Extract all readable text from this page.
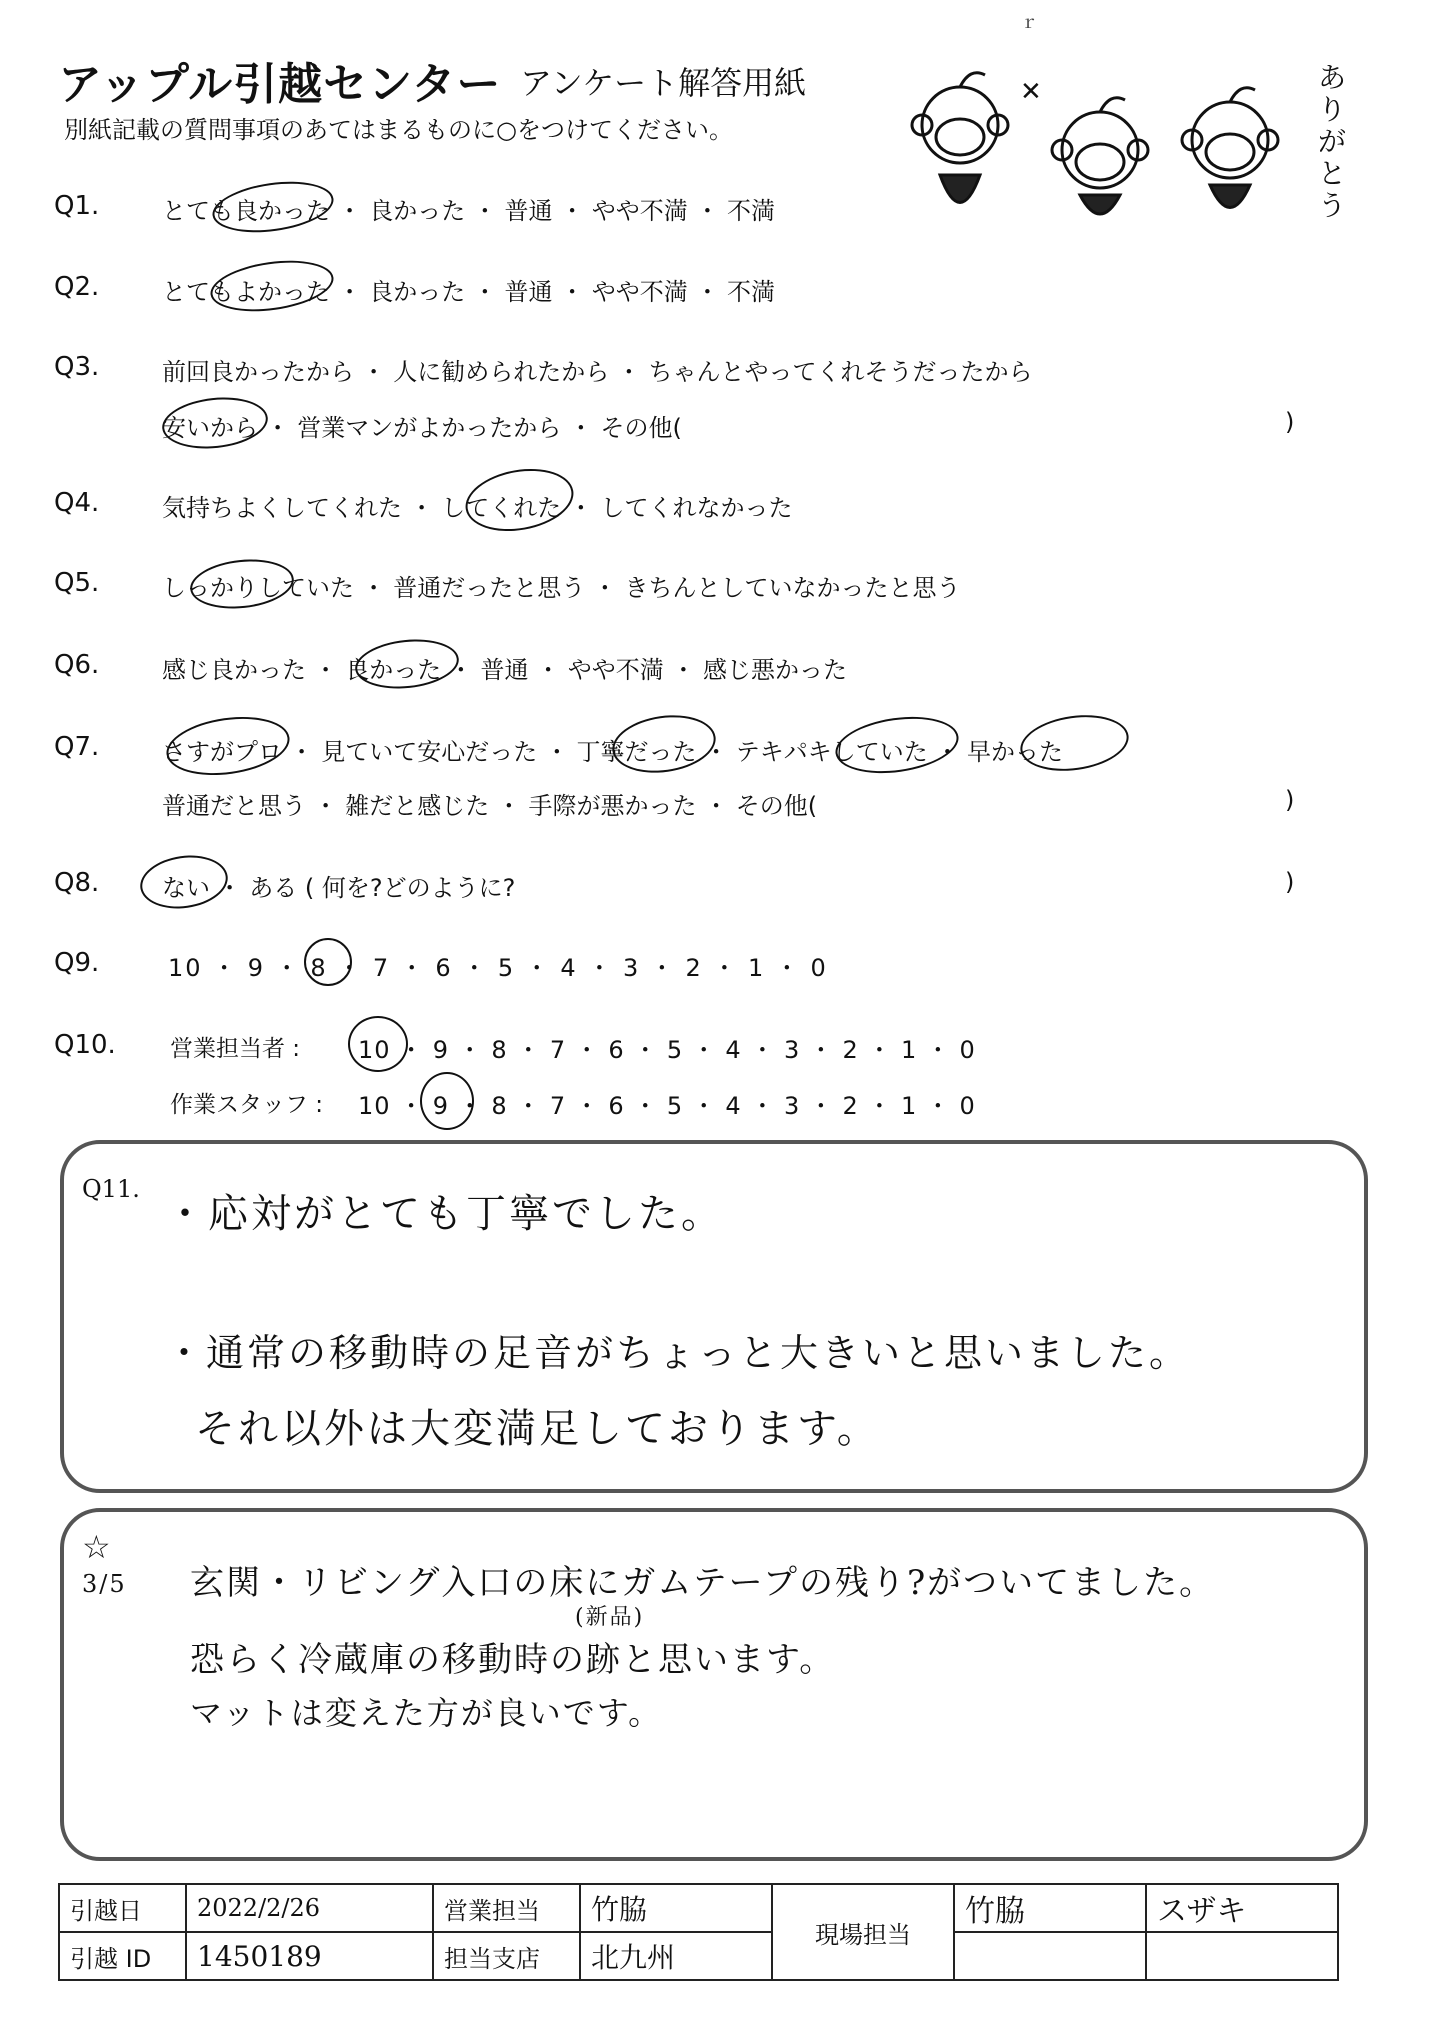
ｒ
アップル引越センター アンケート解答用紙
別紙記載の質問事項のあてはまるものに○をつけてください。
✕	ありがとう
Q1.	とても良かった ・ 良かった ・ 普通 ・ やや不満 ・ 不満
Q2.	とてもよかった ・ 良かった ・ 普通 ・ やや不満 ・ 不満
Q3.	前回良かったから ・ 人に勧められたから ・ ちゃんとやってくれそうだったから
安いから ・ 営業マンがよかったから ・ その他(	)
Q4.	気持ちよくしてくれた ・ してくれた ・ してくれなかった
Q5.	しっかりしていた ・ 普通だったと思う ・ きちんとしていなかったと思う
Q6.	感じ良かった ・ 良かった ・ 普通 ・ やや不満 ・ 感じ悪かった
Q7.	さすがプロ ・ 見ていて安心だった ・ 丁寧だった ・ テキパキしていた ・ 早かった
普通だと思う ・ 雑だと感じた ・ 手際が悪かった ・ その他(	)
Q8.	ない ・ ある ( 何を?どのように?	)
Q9.	10 ・ 9 ・ 8 ・ 7 ・ 6 ・ 5 ・ 4 ・ 3 ・ 2 ・ 1 ・ 0
Q10. 営業担当者 : 10 ・ 9 ・ 8 ・ 7 ・ 6 ・ 5 ・ 4 ・ 3 ・ 2 ・ 1 ・ 0
作業スタッフ : 10 ・ 9 ・ 8 ・ 7 ・ 6 ・ 5 ・ 4 ・ 3 ・ 2 ・ 1 ・ 0
Q11.
・応対がとても丁寧でした。
・通常の移動時の足音がちょっと大きいと思いました。
それ以外は大変満足しております。
☆
3/5 玄関・リビング入口の床にガムテープの残り?がついてました。
(新品)
恐らく冷蔵庫の移動時の跡と思います。
マットは変えた方が良いです。
引越日	2022/2/26	営業担当	竹脇	現場担当	竹脇	スザキ
引越 ID	1450189	担当支店	北九州			
